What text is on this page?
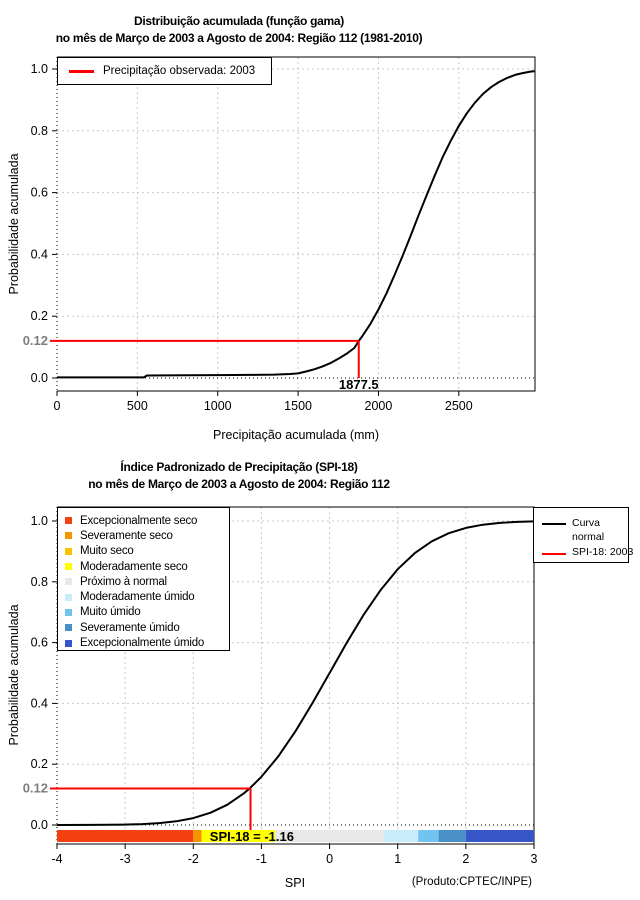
0	500	1000	1500	2000	2500
0.0
0.2
0.4
0.6
0.8
1.0
0.12
1877.5
-4	-3	-2	-1	0	1	2	3
0.0
0.2
0.4
0.6
0.8
1.0
0.12
SPI-18 = -1.16
Distribuição acumulada (função gama)
no mês de Março de 2003 a Agosto de 2004: Região 112 (1981-2010)
Probabilidade acumulada
Precipitação acumulada (mm)
Precipitação observada: 2003
Índice Padronizado de Precipitação (SPI-18)
no mês de Março de 2003 a Agosto de 2004: Região 112
Probabilidade acumulada
SPI	(Produto:CPTEC/INPE)
Excepcionalmente seco
Severamente seco
Muito seco
Moderadamente seco
Próximo à normal
Moderadamente úmido
Muito úmido
Severamente úmido
Excepcionalmente úmido
Curva
normal
SPI-18: 2003
